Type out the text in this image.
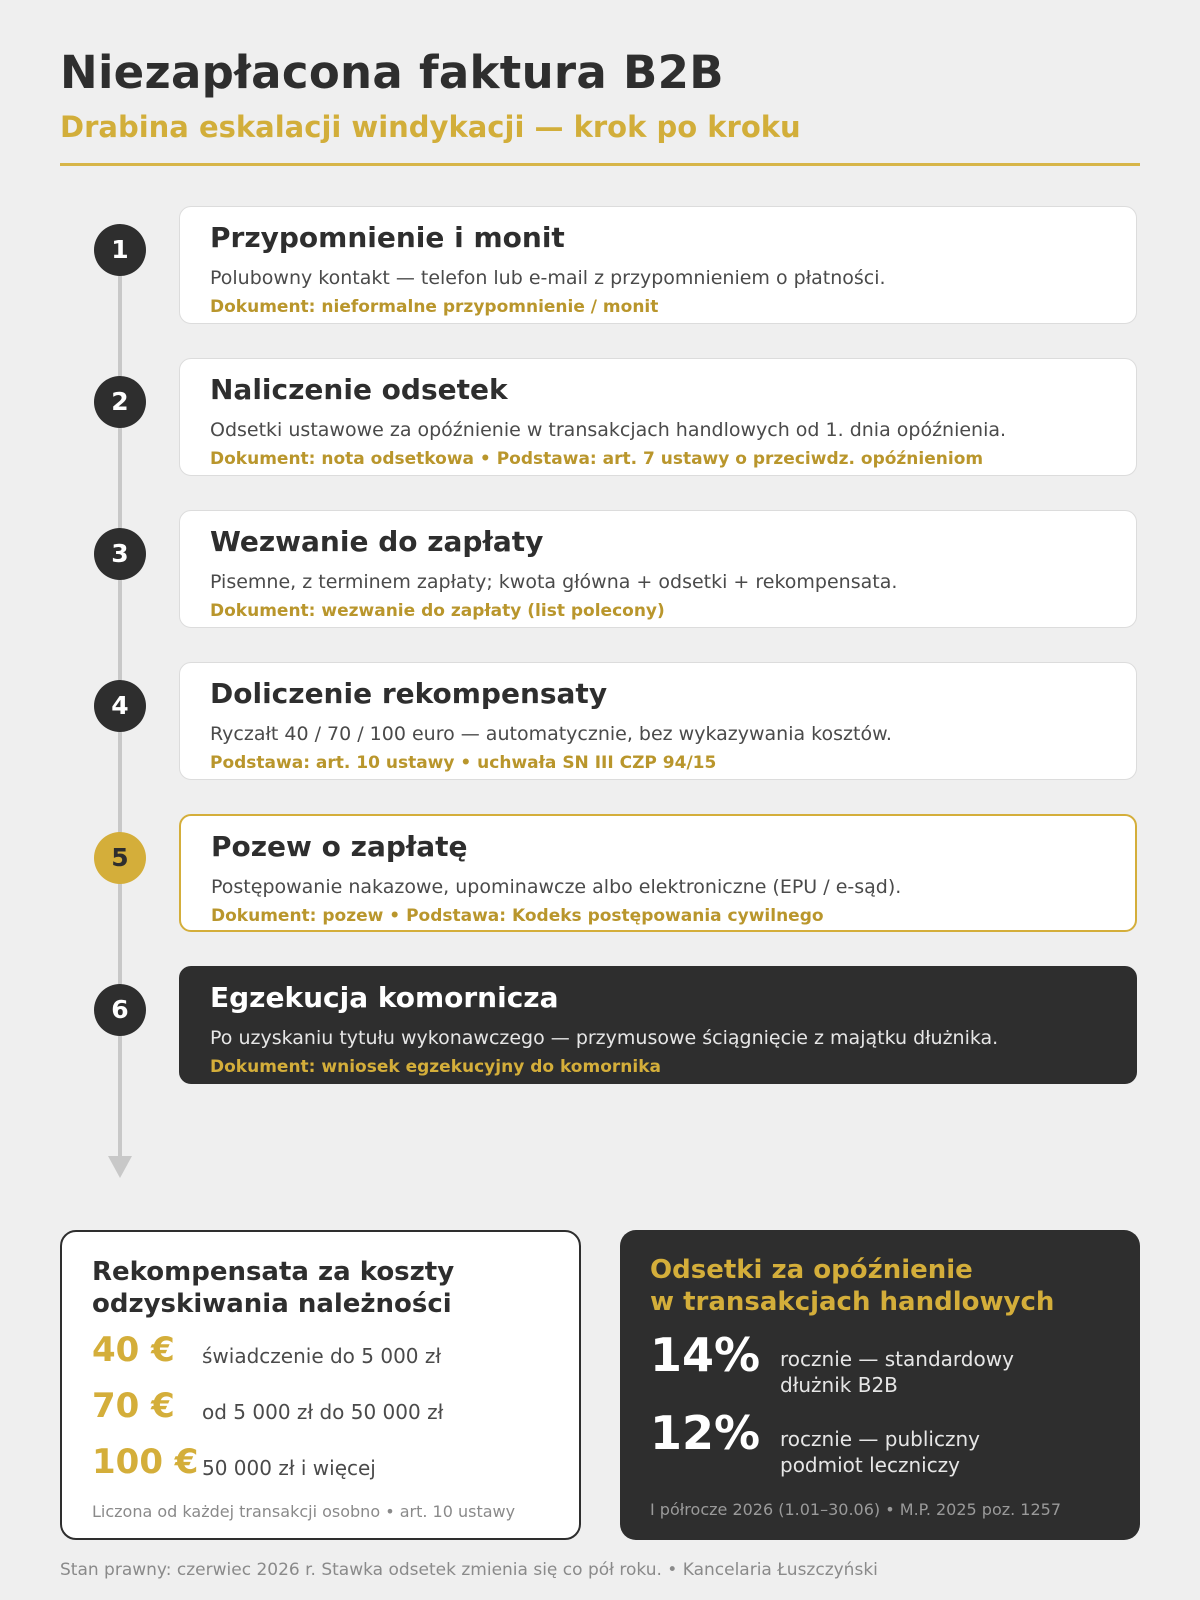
Niezapłacona faktura B2B
Drabina eskalacji windykacji — krok po kroku
1	Przypomnienie i monit
Polubowny kontakt — telefon lub e-mail z przypomnieniem o płatności.
Dokument: nieformalne przypomnienie / monit
2	Naliczenie odsetek
Odsetki ustawowe za opóźnienie w transakcjach handlowych od 1. dnia opóźnienia.
Dokument: nota odsetkowa • Podstawa: art. 7 ustawy o przeciwdz. opóźnieniom
3	Wezwanie do zapłaty
Pisemne, z terminem zapłaty; kwota główna + odsetki + rekompensata.
Dokument: wezwanie do zapłaty (list polecony)
4	Doliczenie rekompensaty
Ryczałt 40 / 70 / 100 euro — automatycznie, bez wykazywania kosztów.
Podstawa: art. 10 ustawy • uchwała SN III CZP 94/15
5	Pozew o zapłatę
Postępowanie nakazowe, upominawcze albo elektroniczne (EPU / e-sąd).
Dokument: pozew • Podstawa: Kodeks postępowania cywilnego
6	Egzekucja komornicza
Po uzyskaniu tytułu wykonawczego — przymusowe ściągnięcie z majątku dłużnika.
Dokument: wniosek egzekucyjny do komornika
Rekompensata za koszty
odzyskiwania należności
40 € świadczenie do 5 000 zł
70 € od 5 000 zł do 50 000 zł
100 € 50 000 zł i więcej
Liczona od każdej transakcji osobno • art. 10 ustawy
Odsetki za opóźnienie
w transakcjach handlowych
14% rocznie — standardowy
dłużnik B2B
12% rocznie — publiczny
podmiot leczniczy
I półrocze 2026 (1.01–30.06) • M.P. 2025 poz. 1257
Stan prawny: czerwiec 2026 r. Stawka odsetek zmienia się co pół roku. • Kancelaria Łuszczyński
